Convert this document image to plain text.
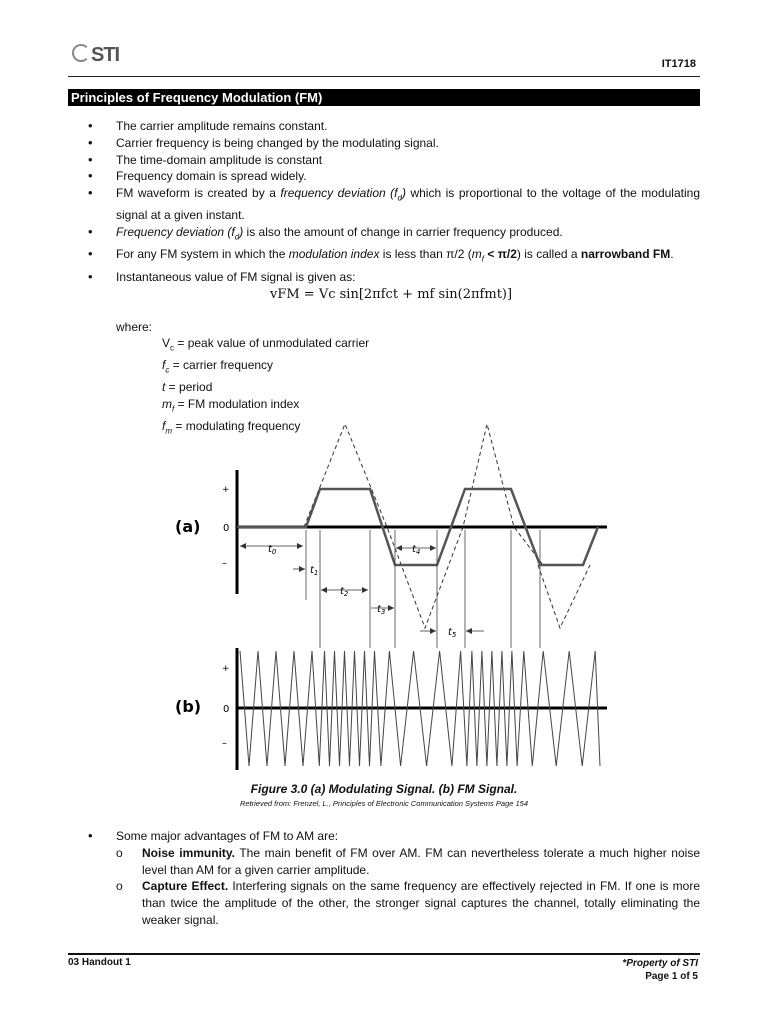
STI	IT1718
Principles of Frequency Modulation (FM)
• The carrier amplitude remains constant.
• Carrier frequency is being changed by the modulating signal.
• The time-domain amplitude is constant
• Frequency domain is spread widely.
• FM waveform is created by a frequency deviation $(f_d)$ which is proportional to the voltage of the modulating signal at a given instant.
• Frequency deviation $(f_d)$ is also the amount of change in carrier frequency produced.
• For any FM system in which the modulation index is less than π/2 $(m_f < \pi/2)$ is called a narrowband FM.
• Instantaneous value of FM signal is given as:
vFM = Vc sin[2πfct + mf sin(2πfmt)]
where:
$V_c$ = peak value of unmodulated carrier
$f_c$ = carrier frequency
t = period
$m_f$ = FM modulation index
$f_m$ = modulating frequency
(a)
+
0
–
$t_0$
$t_1$
$t_2$
$t_3$
$t_4$
$t_5$
(b)
+
0
–
Figure 3.0 (a) Modulating Signal. (b) FM Signal.
Retrieved from: Frenzel, L., Principles of Electronic Communication Systems Page 154
• Some major advantages of FM to AM are:
o Noise immunity. The main benefit of FM over AM. FM can nevertheless tolerate a much higher noise level than AM for a given carrier amplitude.
o Capture Effect. Interfering signals on the same frequency are effectively rejected in FM. If one is more than twice the amplitude of the other, the stronger signal captures the channel, totally eliminating the weaker signal.
03 Handout 1	*Property of STI
Page 1 of 5
